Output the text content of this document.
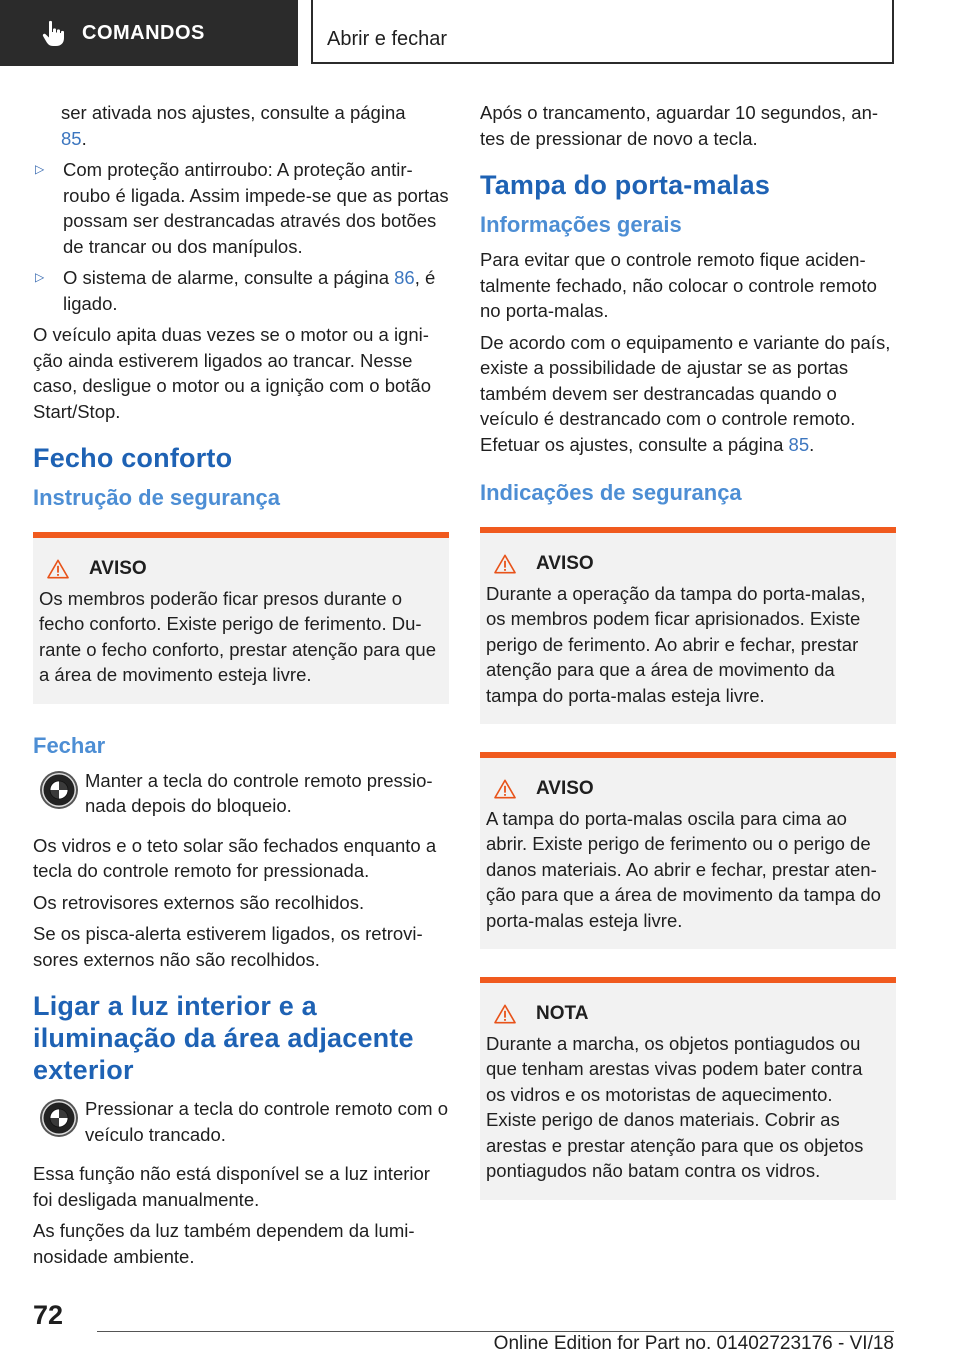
COMANDOS	Abrir e fechar

ser ativada nos ajustes, consulte a página
85.

▷	Com proteção antirroubo: A proteção antirroubo é ligada. Assim impede-se que as portas possam ser destrancadas através dos botões de trancar ou dos manípulos.
▷	O sistema de alarme, consulte a página 86, é ligado.

O veículo apita duas vezes se o motor ou a ignição ainda estiverem ligados ao trancar. Nesse caso, desligue o motor ou a ignição com o botão Start/Stop.

Fecho conforto
Instrução de segurança
AVISO
Os membros poderão ficar presos durante o fecho conforto. Existe perigo de ferimento. Durante o fecho conforto, prestar atenção para que a área de movimento esteja livre.
Fechar
Manter a tecla do controle remoto pressionada depois do bloqueio.

Os vidros e o teto solar são fechados enquanto a tecla do controle remoto for pressionada.

Os retrovisores externos são recolhidos.

Se os pisca-alerta estiverem ligados, os retrovisores externos não são recolhidos.

Ligar a luz interior e a iluminação da área adjacente exterior
Pressionar a tecla do controle remoto com o veículo trancado.

Essa função não está disponível se a luz interior foi desligada manualmente.

As funções da luz também dependem da luminosidade ambiente.

Após o trancamento, aguardar 10 segundos, antes de pressionar de novo a tecla.

Tampa do porta-malas
Informações gerais

Para evitar que o controle remoto fique acidentalmente fechado, não colocar o controle remoto no porta-malas.

De acordo com o equipamento e variante do país, existe a possibilidade de ajustar se as portas também devem ser destrancadas quando o veículo é destrancado com o controle remoto. Efetuar os ajustes, consulte a página 85.

Indicações de segurança
AVISO
Durante a operação da tampa do porta-malas, os membros podem ficar aprisionados. Existe perigo de ferimento. Ao abrir e fechar, prestar atenção para que a área de movimento da tampa do porta-malas esteja livre.
AVISO
A tampa do porta-malas oscila para cima ao abrir. Existe perigo de ferimento ou o perigo de danos materiais. Ao abrir e fechar, prestar atenção para que a área de movimento da tampa do porta-malas esteja livre.
NOTA
Durante a marcha, os objetos pontiagudos ou que tenham arestas vivas podem bater contra os vidros e os motoristas de aquecimento. Existe perigo de danos materiais. Cobrir as arestas e prestar atenção para que os objetos pontiagudos não batam contra os vidros.
72
Online Edition for Part no. 01402723176 - VI/18
